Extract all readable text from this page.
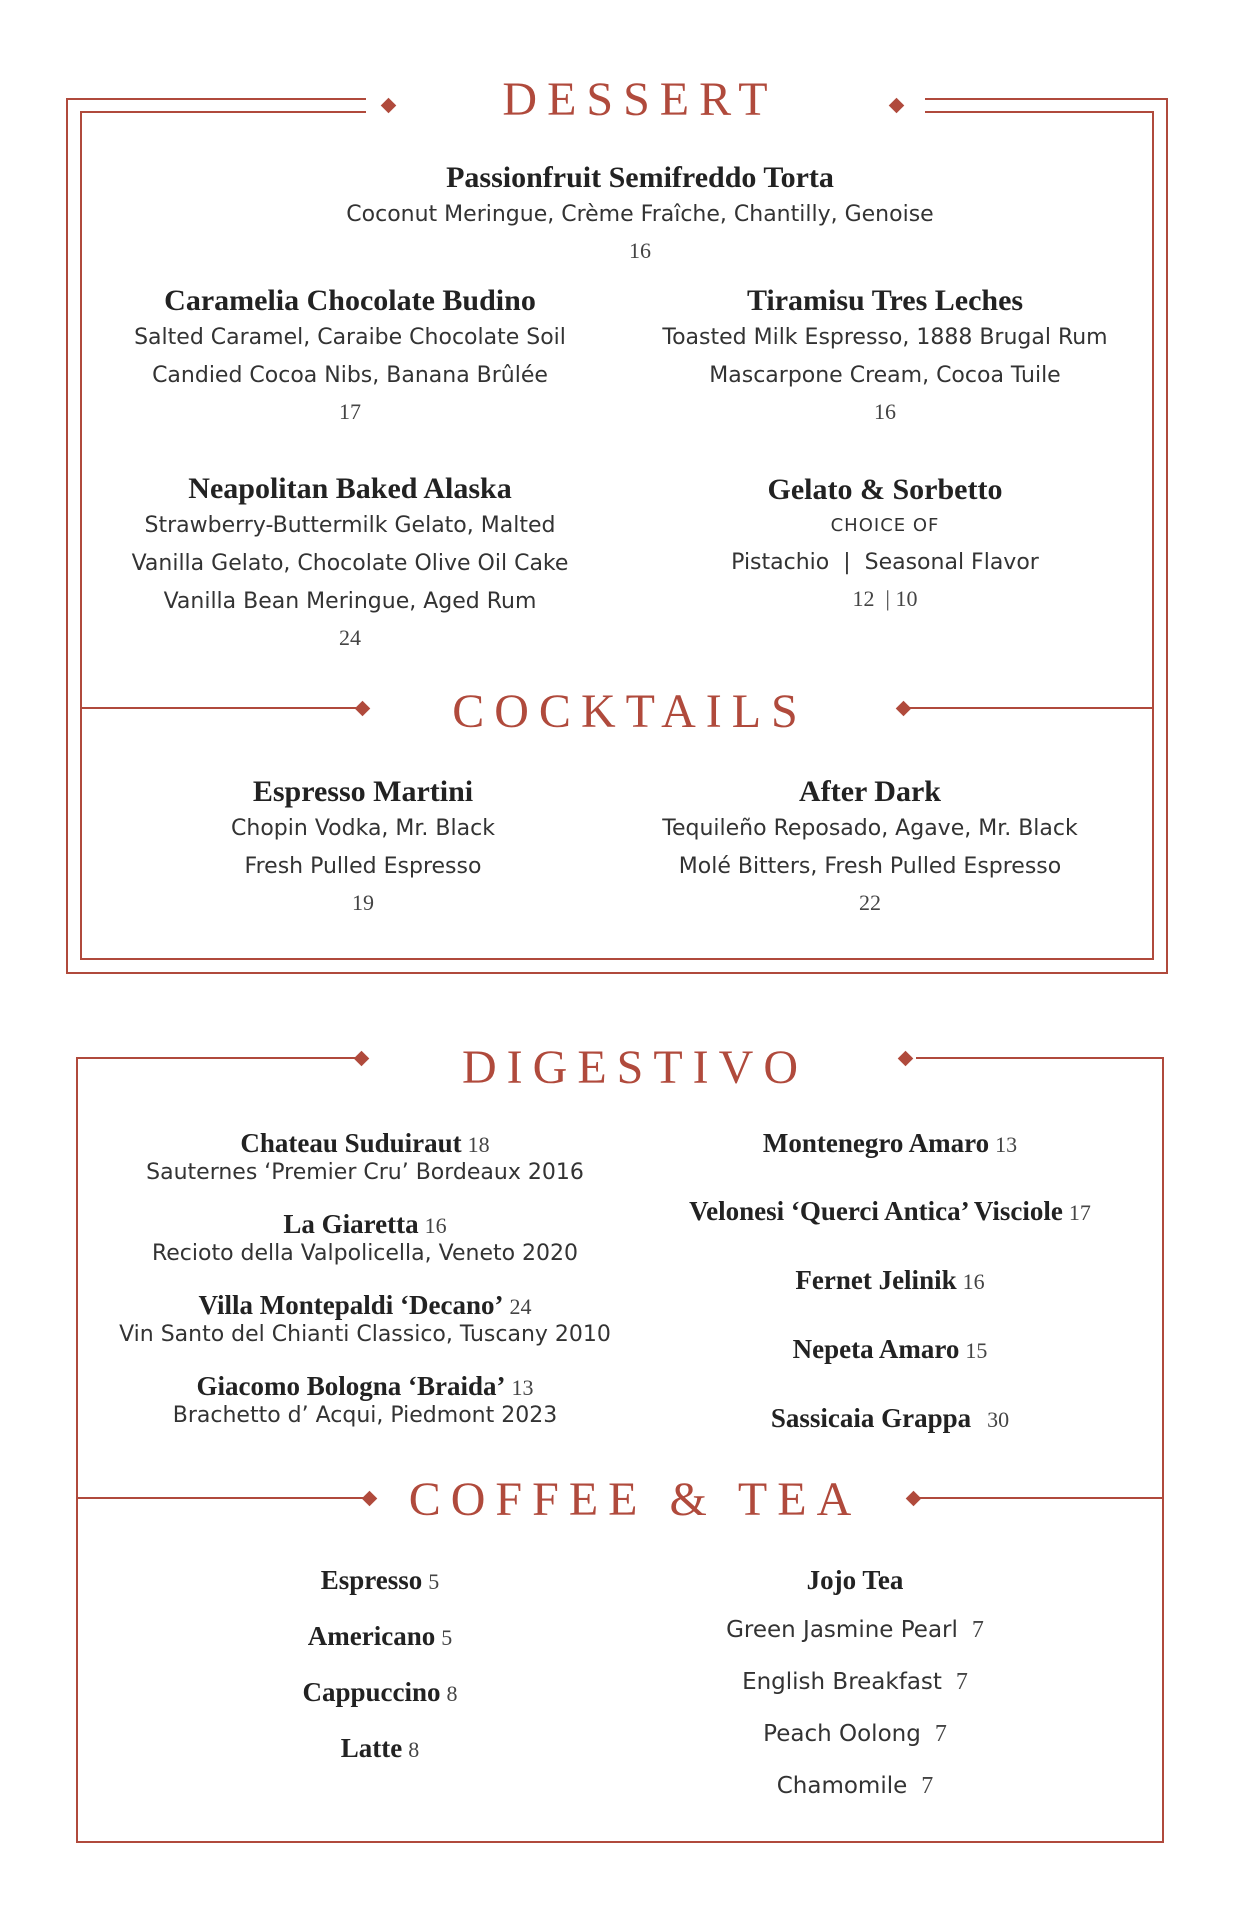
DESSERT
COCKTAILS
Passionfruit Semifreddo Torta
Coconut Meringue, Crème Fraîche, Chantilly, Genoise
16
Caramelia Chocolate Budino
Salted Caramel, Caraibe Chocolate Soil
Candied Cocoa Nibs, Banana Brûlée
17
Tiramisu Tres Leches
Toasted Milk Espresso, 1888 Brugal Rum
Mascarpone Cream, Cocoa Tuile
16
Neapolitan Baked Alaska
Strawberry-Buttermilk Gelato, Malted
Vanilla Gelato, Chocolate Olive Oil Cake
Vanilla Bean Meringue, Aged Rum
24
Gelato & Sorbetto
CHOICE OF
Pistachio  |  Seasonal Flavor
12  | 10
Espresso Martini
Chopin Vodka, Mr. Black
Fresh Pulled Espresso
19
After Dark
Tequileño Reposado, Agave, Mr. Black
Molé Bitters, Fresh Pulled Espresso
22
DIGESTIVO
COFFEE & TEA
Chateau Suduiraut 18
Sauternes ‘Premier Cru’ Bordeaux 2016
La Giaretta 16
Recioto della Valpolicella, Veneto 2020
Villa Montepaldi ‘Decano’ 24
Vin Santo del Chianti Classico, Tuscany 2010
Giacomo Bologna ‘Braida’ 13
Brachetto d’ Acqui, Piedmont 2023
Montenegro Amaro 13
Velonesi ‘Querci Antica’ Visciole 17
Fernet Jelinik 16
Nepeta Amaro 15
Sassicaia Grappa 30
Espresso 5
Americano 5
Cappuccino 8
Latte 8
Jojo Tea
Green Jasmine Pearl 7
English Breakfast 7
Peach Oolong 7
Chamomile 7
